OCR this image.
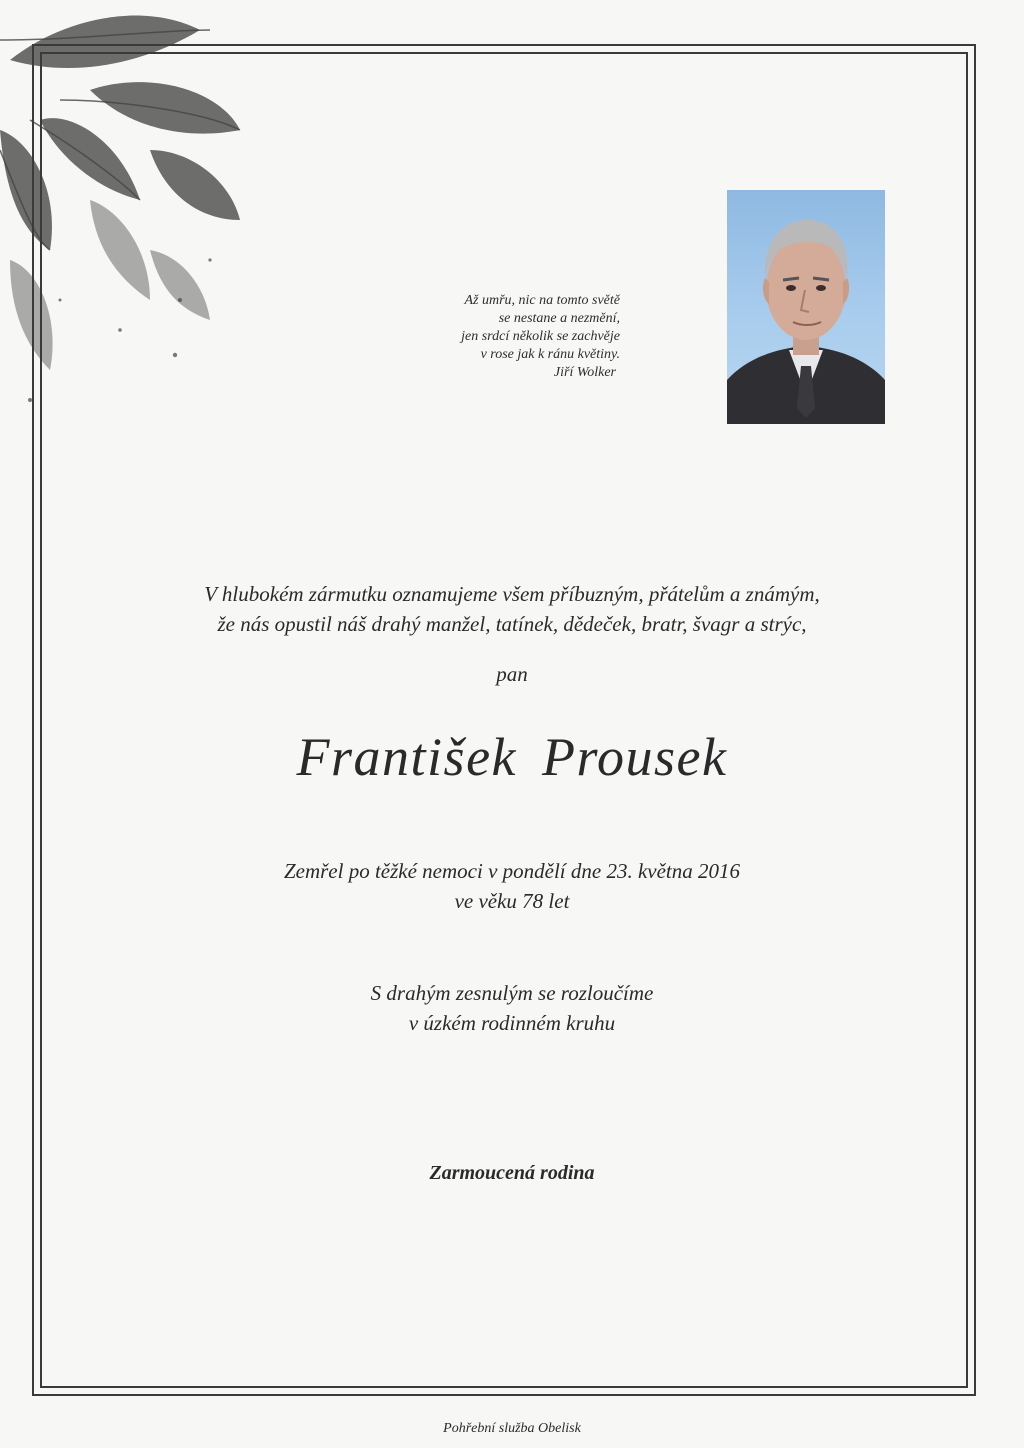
Až umřu, nic na tomto světě
se nestane a nezmění,
jen srdcí několik se zachvěje
v rose jak k ránu květiny.
Jiří Wolker
V hlubokém zármutku oznamujeme všem příbuzným, přátelům a známým,
že nás opustil náš drahý manžel, tatínek, dědeček, bratr, švagr a strýc,
pan
František Prousek
Zemřel po těžké nemoci v pondělí dne 23. května 2016
ve věku 78 let
S drahým zesnulým se rozloučíme
v úzkém rodinném kruhu
Zarmoucená rodina
Pohřební služba Obelisk
